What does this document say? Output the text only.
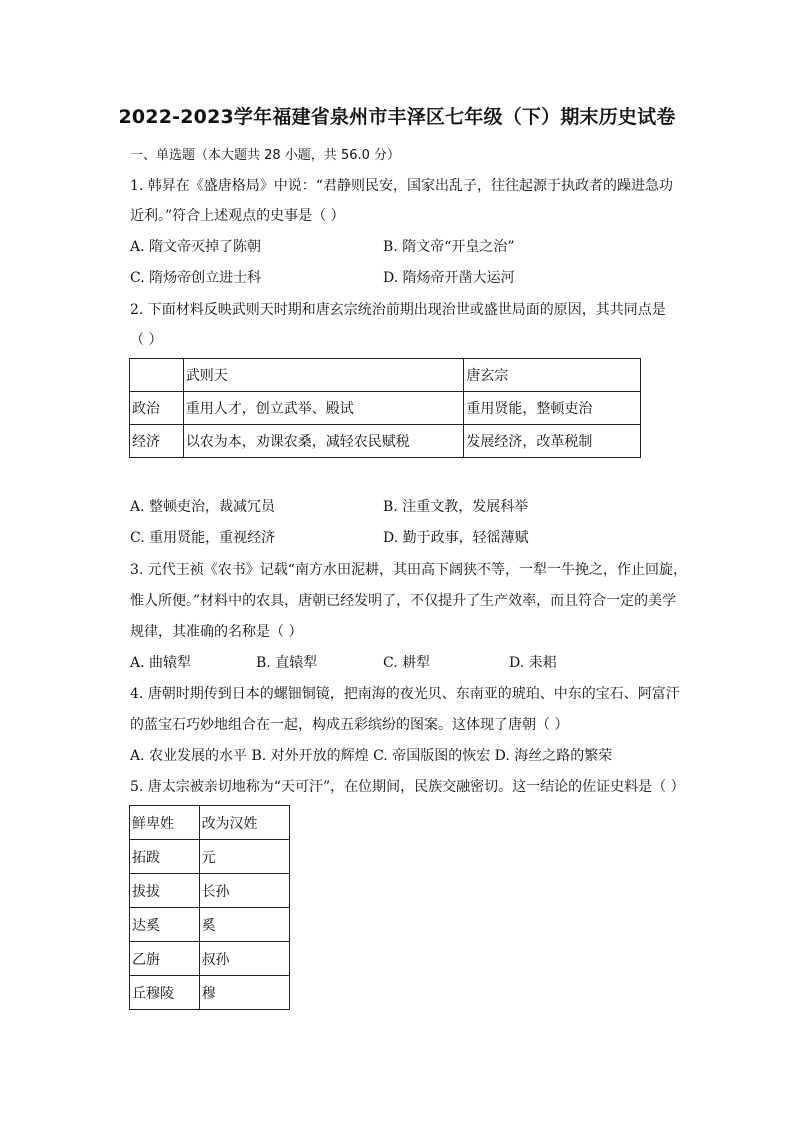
2022-2023学年福建省泉州市丰泽区七年级（下）期末历史试卷
一、单选题（本大题共 28 小题，共 56.0 分）
1. 韩昇在《盛唐格局》中说：“君静则民安，国家出乱子，往往起源于执政者的躁进急功
近利。”符合上述观点的史事是（ ）
A. 隋文帝灭掉了陈朝	B. 隋文帝“开皇之治”
C. 隋炀帝创立进士科	D. 隋炀帝开凿大运河
2. 下面材料反映武则天时期和唐玄宗统治前期出现治世或盛世局面的原因，其共同点是
（ ）
	武则天	唐玄宗
政治	重用人才，创立武举、殿试	重用贤能，整顿吏治
经济	以农为本，劝课农桑，减轻农民赋税	发展经济，改革税制
A. 整顿吏治，裁减冗员	B. 注重文教，发展科举
C. 重用贤能，重视经济	D. 勤于政事，轻徭薄赋
3. 元代王祯《农书》记载“南方水田泥耕，其田高下阔狭不等，一犁一牛挽之，作止回旋，
惟人所便。”材料中的农具，唐朝已经发明了，不仅提升了生产效率，而且符合一定的美学
规律，其准确的名称是（ ）
A. 曲辕犁	B. 直辕犁	C. 耕犁	D. 耒耜
4. 唐朝时期传到日本的螺钿铜镜，把南海的夜光贝、东南亚的琥珀、中东的宝石、阿富汗
的蓝宝石巧妙地组合在一起，构成五彩缤纷的图案。这体现了唐朝（ ）
A. 农业发展的水平 B. 对外开放的辉煌 C. 帝国版图的恢宏 D. 海丝之路的繁荣
5. 唐太宗被亲切地称为“天可汗”，在位期间，民族交融密切。这一结论的佐证史料是（ ）
鲜卑姓	改为汉姓
拓跋	元
拔拔	长孙
达奚	奚
乙旃	叔孙
丘穆陵	穆
